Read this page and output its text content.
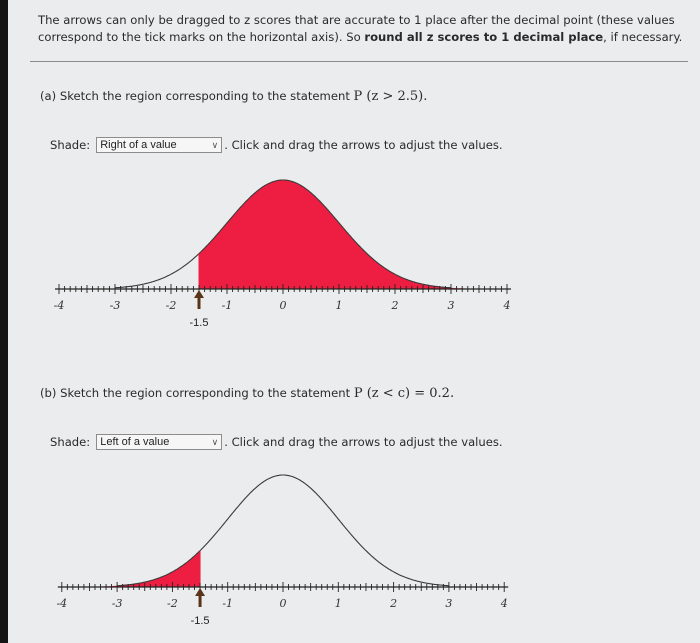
The arrows can only be dragged to z scores that are accurate to 1 place after the decimal point (these values correspond to the tick marks on the horizontal axis). So round all z scores to 1 decimal place, if necessary.
(a) Sketch the region corresponding to the statement P (z > 2.5).
Shade: Right of a value	∨ . Click and drag the arrows to adjust the values.
-4	-3	-2	-1	0	1	2	3	4
-1.5
(b) Sketch the region corresponding to the statement P (z < c) = 0.2.
Shade: Left of a value	∨ . Click and drag the arrows to adjust the values.
-4	-3	-2	-1	0	1	2	3	4
-1.5
